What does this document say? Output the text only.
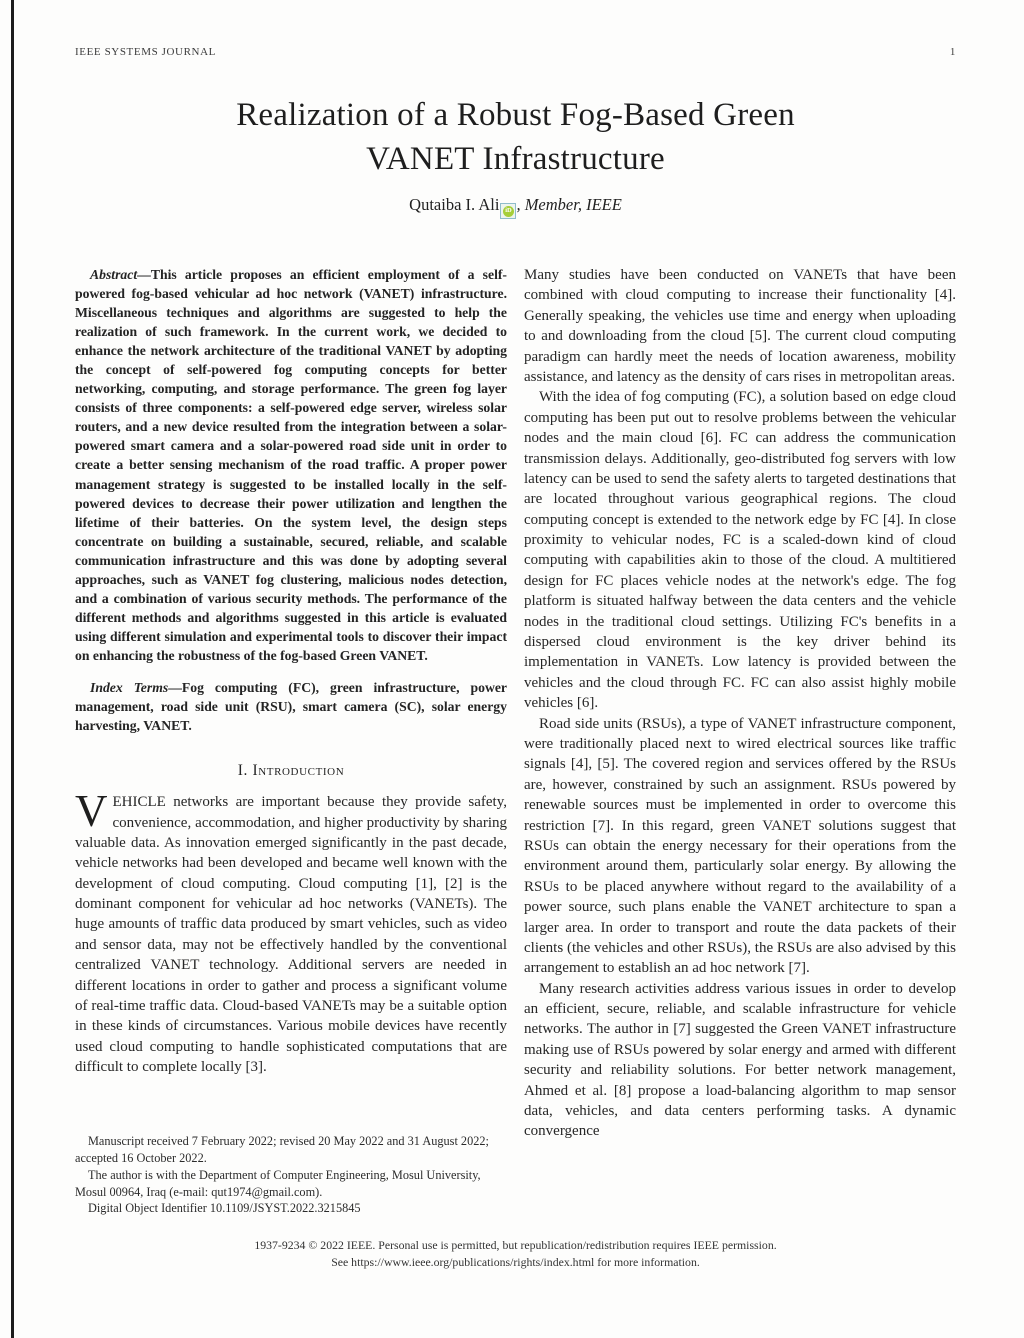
IEEE SYSTEMS JOURNAL	1
Realization of a Robust Fog-Based Green
VANET Infrastructure
Qutaiba I. Ali iD , Member, IEEE

Abstract—This article proposes an efficient employment of a self-powered fog-based vehicular ad hoc network (VANET) infrastructure. Miscellaneous techniques and algorithms are suggested to help the realization of such framework. In the current work, we decided to enhance the network architecture of the traditional VANET by adopting the concept of self-powered fog computing concepts for better networking, computing, and storage performance. The green fog layer consists of three components: a self-powered edge server, wireless solar routers, and a new device resulted from the integration between a solar-powered smart camera and a solar-powered road side unit in order to create a better sensing mechanism of the road traffic. A proper power management strategy is suggested to be installed locally in the self-powered devices to decrease their power utilization and lengthen the lifetime of their batteries. On the system level, the design steps concentrate on building a sustainable, secured, reliable, and scalable communication infrastructure and this was done by adopting several approaches, such as VANET fog clustering, malicious nodes detection, and a combination of various security methods. The performance of the different methods and algorithms suggested in this article is evaluated using different simulation and experimental tools to discover their impact on enhancing the robustness of the fog-based Green VANET.

Index Terms—Fog computing (FC), green infrastructure, power management, road side unit (RSU), smart camera (SC), solar energy harvesting, VANET.

I. Introduction

VEHICLE networks are important because they provide safety, convenience, accommodation, and higher productivity by sharing valuable data. As innovation emerged significantly in the past decade, vehicle networks had been developed and became well known with the development of cloud computing. Cloud computing [1], [2] is the dominant component for vehicular ad hoc networks (VANETs). The huge amounts of traffic data produced by smart vehicles, such as video and sensor data, may not be effectively handled by the conventional centralized VANET technology. Additional servers are needed in different locations in order to gather and process a significant volume of real-time traffic data. Cloud-based VANETs may be a suitable option in these kinds of circumstances. Various mobile devices have recently used cloud computing to handle sophisticated computations that are difficult to complete locally [3].

Manuscript received 7 February 2022; revised 20 May 2022 and 31 August 2022; accepted 16 October 2022.

The author is with the Department of Computer Engineering, Mosul University, Mosul 00964, Iraq (e-mail: qut1974@gmail.com).

Digital Object Identifier 10.1109/JSYST.2022.3215845

Many studies have been conducted on VANETs that have been combined with cloud computing to increase their functionality [4]. Generally speaking, the vehicles use time and energy when uploading to and downloading from the cloud [5]. The current cloud computing paradigm can hardly meet the needs of location awareness, mobility assistance, and latency as the density of cars rises in metropolitan areas.

With the idea of fog computing (FC), a solution based on edge cloud computing has been put out to resolve problems between the vehicular nodes and the main cloud [6]. FC can address the communication transmission delays. Additionally, geo-distributed fog servers with low latency can be used to send the safety alerts to targeted destinations that are located throughout various geographical regions. The cloud computing concept is extended to the network edge by FC [4]. In close proximity to vehicular nodes, FC is a scaled-down kind of cloud computing with capabilities akin to those of the cloud. A multitiered design for FC places vehicle nodes at the network's edge. The fog platform is situated halfway between the data centers and the vehicle nodes in the traditional cloud settings. Utilizing FC's benefits in a dispersed cloud environment is the key driver behind its implementation in VANETs. Low latency is provided between the vehicles and the cloud through FC. FC can also assist highly mobile vehicles [6].

Road side units (RSUs), a type of VANET infrastructure component, were traditionally placed next to wired electrical sources like traffic signals [4], [5]. The covered region and services offered by the RSUs are, however, constrained by such an assignment. RSUs powered by renewable sources must be implemented in order to overcome this restriction [7]. In this regard, green VANET solutions suggest that RSUs can obtain the energy necessary for their operations from the environment around them, particularly solar energy. By allowing the RSUs to be placed anywhere without regard to the availability of a power source, such plans enable the VANET architecture to span a larger area. In order to transport and route the data packets of their clients (the vehicles and other RSUs), the RSUs are also advised by this arrangement to establish an ad hoc network [7].

Many research activities address various issues in order to develop an efficient, secure, reliable, and scalable infrastructure for vehicle networks. The author in [7] suggested the Green VANET infrastructure making use of RSUs powered by solar energy and armed with different security and reliability solutions. For better network management, Ahmed et al. [8] propose a load-balancing algorithm to map sensor data, vehicles, and data centers performing tasks. A dynamic convergence

1937-9234 © 2022 IEEE. Personal use is permitted, but republication/redistribution requires IEEE permission.
See https://www.ieee.org/publications/rights/index.html for more information.
